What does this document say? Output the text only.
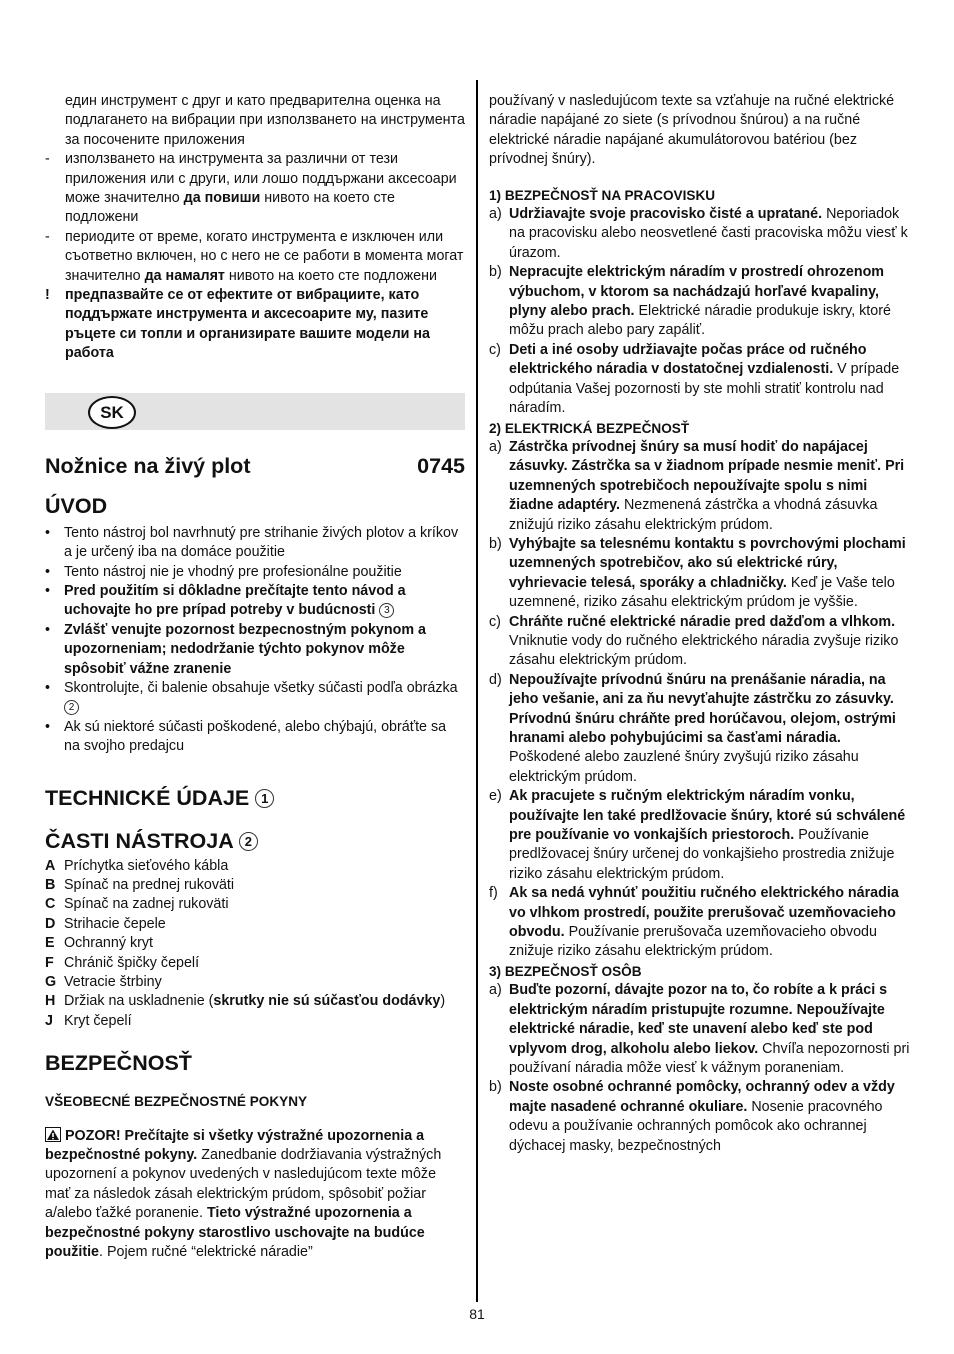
един инструмент с друг и като предварителна оценка на подлагането на вибрации при използването на инструмента за посочените приложения

-	използването на инструмента за различни от тези приложения или с други, или лошо поддържани аксесоари може значително да повиши нивото на което сте подложени
-	периодите от време, когато инструмента е изключен или съответно включен, но с него не се работи в момента могат значително да намалят нивото на което сте подложени
!	предпазвайте се от ефектите от вибрациите, като поддържате инструмента и аксесоарите му, пазите ръцете си топли и организирате вашите модели на работа
SK
Nožnice na živý plot	0745
ÚVOD
• Tento nástroj bol navrhnutý pre strihanie živých plotov a kríkov a je určený iba na domáce použitie
• Tento nástroj nie je vhodný pre profesionálne použitie
• Pred použitím si dôkladne prečítajte tento návod a uchovajte ho pre prípad potreby v budúcnosti 3
• Zvlášť venujte pozornost bezpecnostným pokynom a upozorneniam; nedodržanie týchto pokynov môže spôsobiť vážne zranenie
• Skontrolujte, či balenie obsahuje všetky súčasti podľa obrázka 2
• Ak sú niektoré súčasti poškodené, alebo chýbajú, obráťte sa na svojho predajcu
TECHNICKÉ ÚDAJE 1
ČASTI NÁSTROJA 2
A Príchytka sieťového kábla
B Spínač na prednej rukoväti
C Spínač na zadnej rukoväti
D Strihacie čepele
E Ochranný kryt
F Chránič špičky čepelí
G Vetracie štrbiny
H Držiak na uskladnenie (skrutky nie sú súčasťou dodávky)
J Kryt čepelí
BEZPEČNOSŤ

VŠEOBECNÉ BEZPEČNOSTNÉ POKYNY

POZOR! Prečítajte si všetky výstražné upozornenia a bezpečnostné pokyny. Zanedbanie dodržiavania výstražných upozornení a pokynov uvedených v nasledujúcom texte môže mať za následok zásah elektrickým prúdom, spôsobiť požiar a/alebo ťažké poranenie. Tieto výstražné upozornenia a bezpečnostné pokyny starostlivo uschovajte na budúce použitie. Pojem ručné “elektrické náradie”

používaný v nasledujúcom texte sa vzťahuje na ručné elektrické náradie napájané zo siete (s prívodnou šnúrou) a na ručné elektrické náradie napájané akumulátorovou batériou (bez prívodnej šnúry).

1) BEZPEČNOSŤ NA PRACOVISKU

a) Udržiavajte svoje pracovisko čisté a upratané. Neporiadok na pracovisku alebo neosvetlené časti pracoviska môžu viesť k úrazom.
b) Nepracujte elektrickým náradím v prostredí ohrozenom výbuchom, v ktorom sa nachádzajú horľavé kvapaliny, plyny alebo prach. Elektrické náradie produkuje iskry, ktoré môžu prach alebo pary zapáliť.
c) Deti a iné osoby udržiavajte počas práce od ručného elektrického náradia v dostatočnej vzdialenosti. V prípade odpútania Vašej pozornosti by ste mohli stratiť kontrolu nad náradím.

2) ELEKTRICKÁ BEZPEČNOSŤ

a) Zástrčka prívodnej šnúry sa musí hodiť do napájacej zásuvky. Zástrčka sa v žiadnom prípade nesmie meniť. Pri uzemnených spotrebičoch nepoužívajte spolu s nimi žiadne adaptéry. Nezmenená zástrčka a vhodná zásuvka znižujú riziko zásahu elektrickým prúdom.
b) Vyhýbajte sa telesnému kontaktu s povrchovými plochami uzemnených spotrebičov, ako sú elektrické rúry, vyhrievacie telesá, sporáky a chladničky. Keď je Vaše telo uzemnené, riziko zásahu elektrickým prúdom je vyššie.
c) Chráňte ručné elektrické náradie pred dažďom a vlhkom. Vniknutie vody do ručného elektrického náradia zvyšuje riziko zásahu elektrickým prúdom.
d) Nepoužívajte prívodnú šnúru na prenášanie náradia, na jeho vešanie, ani za ňu nevyťahujte zástrčku zo zásuvky. Prívodnú šnúru chráňte pred horúčavou, olejom, ostrými hranami alebo pohybujúcimi sa časťami náradia. Poškodené alebo zauzlené šnúry zvyšujú riziko zásahu elektrickým prúdom.
e) Ak pracujete s ručným elektrickým náradím vonku, používajte len také predlžovacie šnúry, ktoré sú schválené pre používanie vo vonkajších priestoroch. Používanie predlžovacej šnúry určenej do vonkajšieho prostredia znižuje riziko zásahu elektrickým prúdom.
f) Ak sa nedá vyhnúť použitiu ručného elektrického náradia vo vlhkom prostredí, použite prerušovač uzemňovacieho obvodu. Používanie prerušovača uzemňovacieho obvodu znižuje riziko zásahu elektrickým prúdom.

3) BEZPEČNOSŤ OSÔB

a) Buďte pozorní, dávajte pozor na to, čo robíte a k práci s elektrickým náradím pristupujte rozumne. Nepoužívajte elektrické náradie, keď ste unavení alebo keď ste pod vplyvom drog, alkoholu alebo liekov. Chvíľa nepozornosti pri používaní náradia môže viesť k vážnym poraneniam.
b) Noste osobné ochranné pomôcky, ochranný odev a vždy majte nasadené ochranné okuliare. Nosenie pracovného odevu a používanie ochranných pomôcok ako ochrannej dýchacej masky, bezpečnostných
81
